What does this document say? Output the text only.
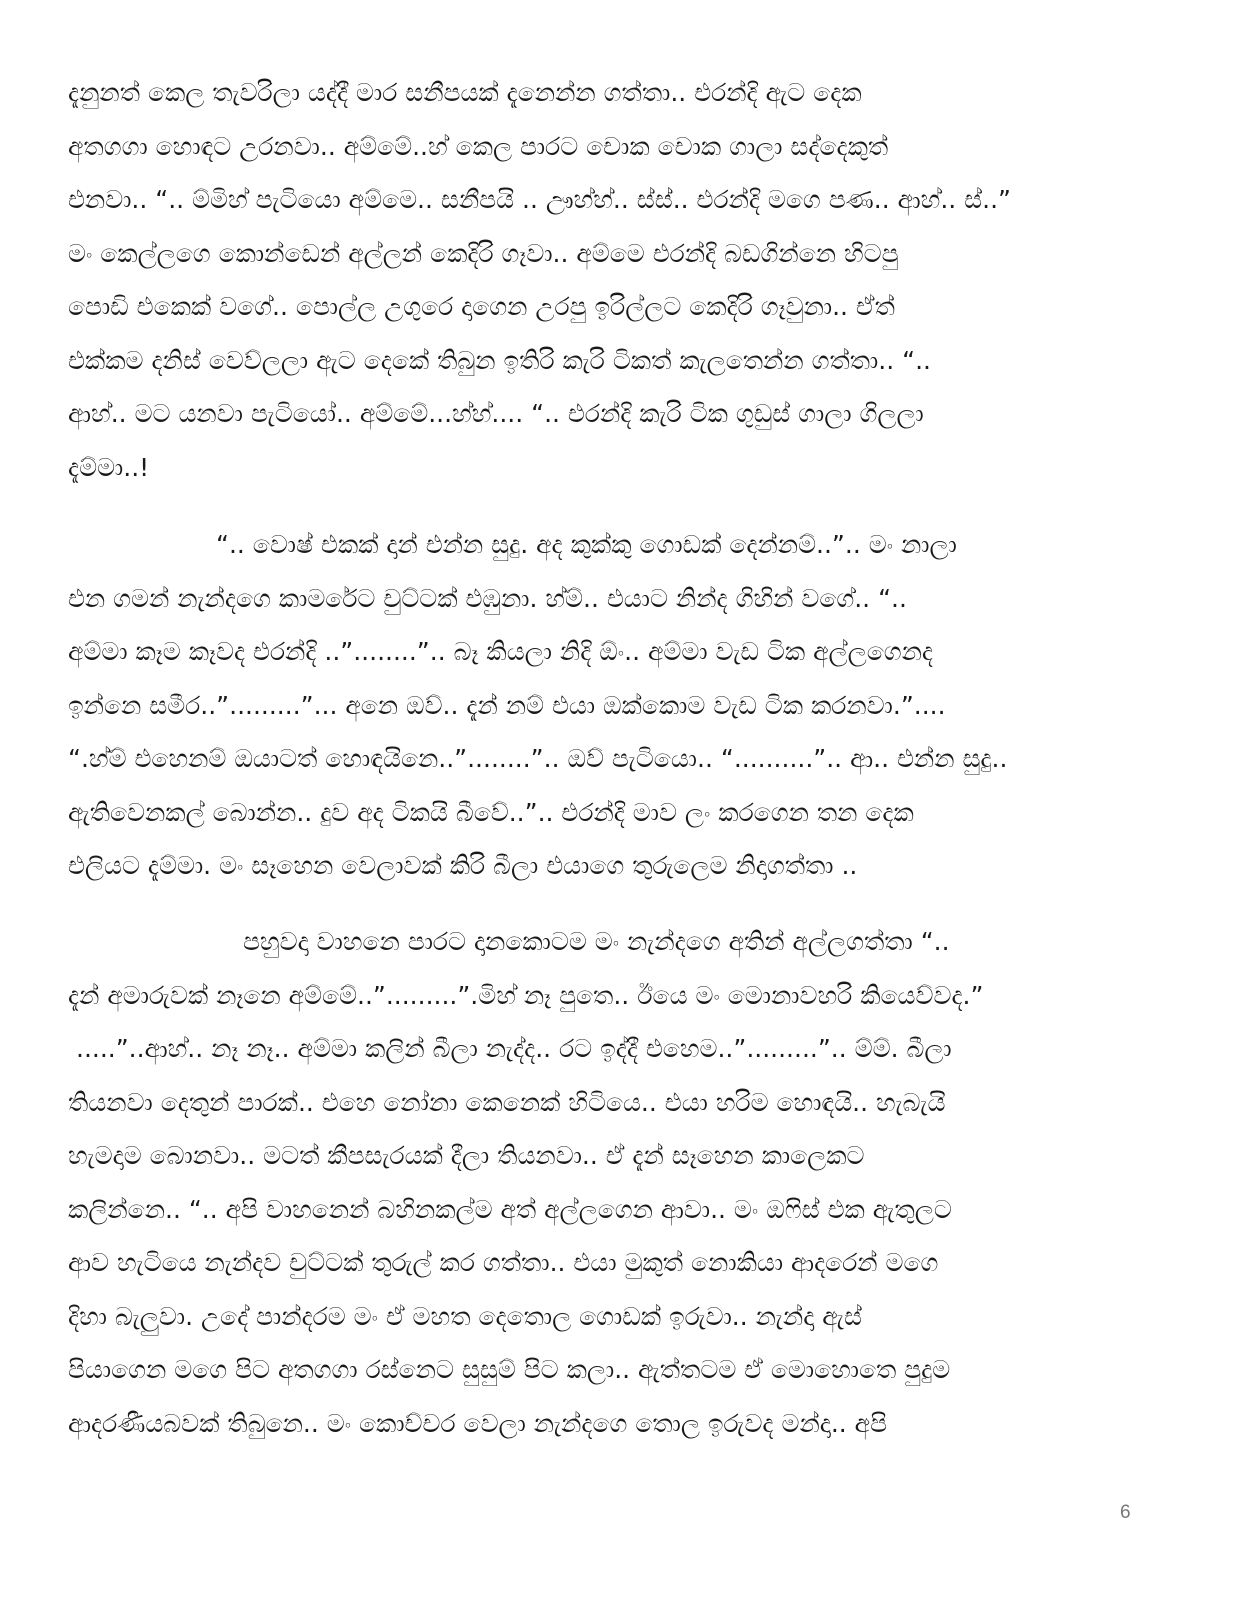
දැනුනත් කෙල තැවරිලා යද්දී මාර සනීපයක් දැනෙන්න ගත්තා.. එරන්දි ඇට දෙක
අතගගා හොඳට උරනවා.. අම්මේ..හ් කෙල පාරට චොක චොක ගාලා සද්දෙකුත්
එනවා.. “.. ම්මිහ් පැටියො අම්මෙ.. සනීපයි .. ඌහ්හ්.. ස්ස්.. එරන්දි මගෙ පණ.. ආහ්.. ස්..”
මං කෙල්ලගෙ කොන්ඩෙන් අල්ලන් කෙදිරි ගෑවා.. අම්මෙ එරන්දි බඩගින්නෙ හිටපු
පොඩි එකෙක් වගේ.. පොල්ල උගුරෙ දාගෙන උරපු ඉරිල්ලට කෙදිරි ගෑවුනා.. ඒත්
එක්කම දනිස් වෙව්ලලා ඇට දෙකේ තිබුන ඉතිරි කැරි ටිකත් කැලතෙන්න ගත්තා.. “..
ආහ්.. මට යනවා පැටියෝ.. අම්මේ...හ්හ්.... “.. එරන්දි කැරි ටික ගුඩුස් ගාලා ගිලලා
දැම්මා..!
“.. වොෂ් එකක් දාන් එන්න සුදු. අද කුක්කු ගොඩක් දෙන්නම්..”.. මං නාලා
එන ගමන් නැන්දගෙ කාමරේට චුට්ටක් එඹුනා. හ්ම්.. එයාට නින්ද ගිහින් වගේ.. “..
අම්මා කෑම කෑවද එරන්දි ..”........”.. බෑ කියලා නිදි ඕං.. අම්මා වැඩ ටික අල්ලගෙනද
ඉන්නෙ සමීර..”.........”... අනෙ ඔව්.. දැන් නම් එයා ඔක්කොම වැඩ ටික කරනවා.”....
“.හ්ම් එහෙනම් ඔයාටත් හොඳයිනෙ..”........”.. ඔව් පැටියො.. “..........”.. ආ.. එන්න සුදු..
ඇතිවෙනකල් බොන්න.. දුව අද ටිකයි බීවේ..”.. එරන්දි මාව ලං කරගෙන තන දෙක
එලියට දැම්මා. මං සෑහෙන වෙලාවක් කිරි බීලා එයාගෙ තුරුලෙම නිදාගත්තා ..
පහුවදා වාහනෙ පාරට දානකොටම මං නැන්දගෙ අතින් අල්ලගත්තා “..
දැන් අමාරුවක් නෑනෙ අම්මේ..”.........”.මිහ් නෑ පුතෙ.. ඊයෙ මං මොනාවහරි කියෙව්වද.”
.....”..ආහ්.. නෑ නෑ.. අම්මා කලින් බීලා නැද්ද.. රට ඉද්දී එහෙම..”.........”.. ම්ම්. බීලා
තියනවා දෙතුන් පාරක්.. එහෙ නෝනා කෙනෙක් හිටියෙ.. එයා හරිම හොඳයි.. හැබැයි
හැමදාම බොනවා.. මටත් කීපසැරයක් දීලා තියනවා.. ඒ දැන් සෑහෙන කාලෙකට
කලින්නෙ.. “.. අපි වාහනෙන් බහිනකල්ම අත් අල්ලගෙන ආවා.. මං ඔෆිස් එක ඇතුලට
ආව හැටියෙ නැන්දව චුට්ටක් තුරුල් කර ගත්තා.. එයා මුකුත් නොකියා ආදරෙන් මගෙ
දිහා බැලුවා. උදේ පාන්දරම මං ඒ මහත දෙතොල ගොඩක් ඉරුවා.. නැන්දා ඇස්
පියාගෙන මගෙ පිට අතගගා රස්නෙට සුසුම් පිට කලා.. ඇත්තටම ඒ මොහොතෙ පුදුම
ආදරණීයබවක් තිබුනෙ.. මං කොච්චර වෙලා නැන්දගෙ තොල ඉරුවද මන්දා.. අපි
6
